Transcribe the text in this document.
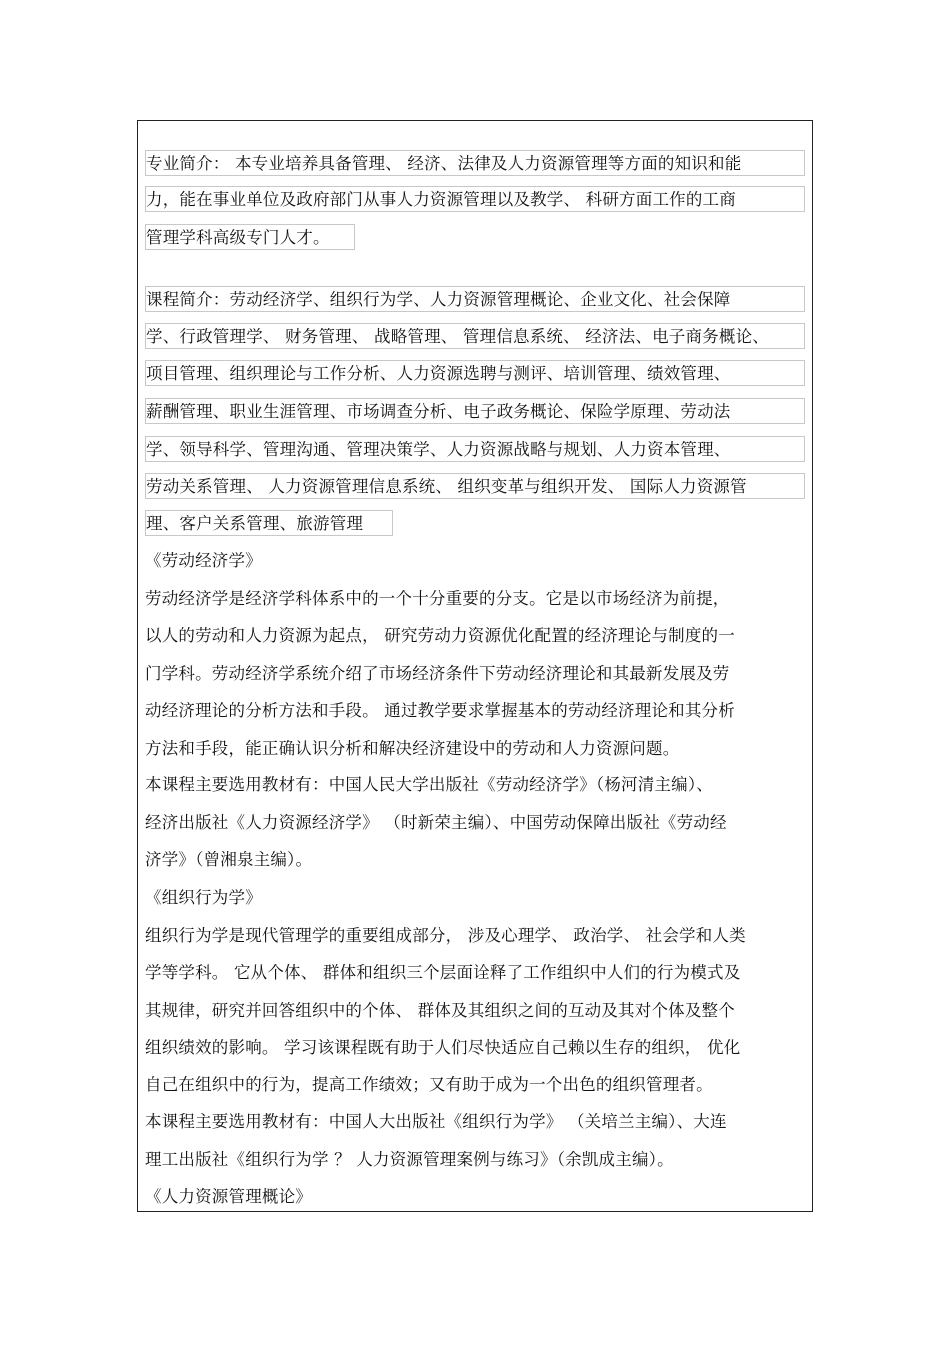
专业简介： 本专业培养具备管理、 经济、法律及人力资源管理等方面的知识和能
力，能在事业单位及政府部门从事人力资源管理以及教学、 科研方面工作的工商
管理学科高级专门人才。
课程简介：劳动经济学、组织行为学、人力资源管理概论、企业文化、社会保障
学、行政管理学、 财务管理、 战略管理、 管理信息系统、 经济法、电子商务概论、
项目管理、组织理论与工作分析、人力资源选聘与测评、培训管理、绩效管理、
薪酬管理、职业生涯管理、市场调查分析、电子政务概论、保险学原理、劳动法
学、领导科学、管理沟通、管理决策学、人力资源战略与规划、人力资本管理、
劳动关系管理、 人力资源管理信息系统、 组织变革与组织开发、 国际人力资源管
理、客户关系管理、旅游管理
《劳动经济学》
劳动经济学是经济学科体系中的一个十分重要的分支。它是以市场经济为前提，
以人的劳动和人力资源为起点， 研究劳动力资源优化配置的经济理论与制度的一
门学科。劳动经济学系统介绍了市场经济条件下劳动经济理论和其最新发展及劳
动经济理论的分析方法和手段。 通过教学要求掌握基本的劳动经济理论和其分析
方法和手段，能正确认识分析和解决经济建设中的劳动和人力资源问题。
本课程主要选用教材有：中国人民大学出版社《劳动经济学》（杨河清主编）、
经济出版社《人力资源经济学》 （时新荣主编）、中国劳动保障出版社《劳动经
济学》（曾湘泉主编）。
《组织行为学》
组织行为学是现代管理学的重要组成部分， 涉及心理学、 政治学、 社会学和人类
学等学科。 它从个体、 群体和组织三个层面诠释了工作组织中人们的行为模式及
其规律，研究并回答组织中的个体、 群体及其组织之间的互动及其对个体及整个
组织绩效的影响。 学习该课程既有助于人们尽快适应自己赖以生存的组织， 优化
自己在组织中的行为，提高工作绩效；又有助于成为一个出色的组织管理者。
本课程主要选用教材有：中国人大出版社《组织行为学》 （关培兰主编）、大连
理工出版社《组织行为学 ？ 人力资源管理案例与练习》（余凯成主编）。
《人力资源管理概论》
